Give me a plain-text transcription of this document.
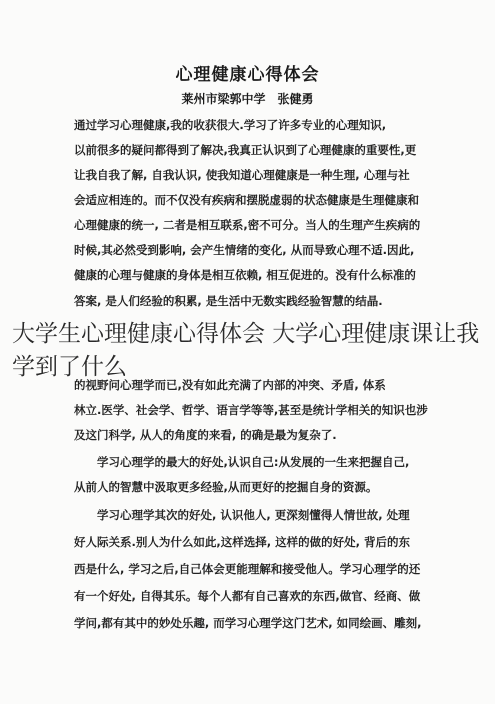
心理健康心得体会
莱州市梁郭中学　张健勇
通过学习心理健康,我的收获很大.学习了许多专业的心理知识,
以前很多的疑问都得到了解决,我真正认识到了心理健康的重要性,更
让我自我了解, 自我认识, 使我知道心理健康是一种生理, 心理与社
会适应相连的。而不仅没有疾病和摆脱虚弱的状态健康是生理健康和
心理健康的统一, 二者是相互联系,密不可分。当人的生理产生疾病的
时候,其必然受到影响, 会产生情绪的变化, 从而导致心理不适.因此,
健康的心理与健康的身体是相互依赖, 相互促进的。没有什么标准的
答案, 是人们经验的积累, 是生活中无数实践经验智慧的结晶.
的视野问心理学而已,没有如此充满了内部的冲突、矛盾, 体系
林立.医学、社会学、哲学、语言学等等,甚至是统计学相关的知识也涉
及这门科学, 从人的角度的来看, 的确是最为复杂了.
　　学习心理学的最大的好处,认识自己:从发展的一生来把握自己,
从前人的智慧中汲取更多经验,从而更好的挖掘自身的资源。
　　学习心理学其次的好处, 认识他人, 更深刻懂得人情世故, 处理
好人际关系.别人为什么如此,这样选择, 这样的做的好处, 背后的东
西是什么, 学习之后,自己体会更能理解和接受他人。学习心理学的还
有一个好处, 自得其乐。每个人都有自己喜欢的东西,做官、经商、做
学问,都有其中的妙处乐趣, 而学习心理学这门艺术, 如同绘画、雕刻,
大学生心理健康心得体会 大学心理健康课让我学到了什么
